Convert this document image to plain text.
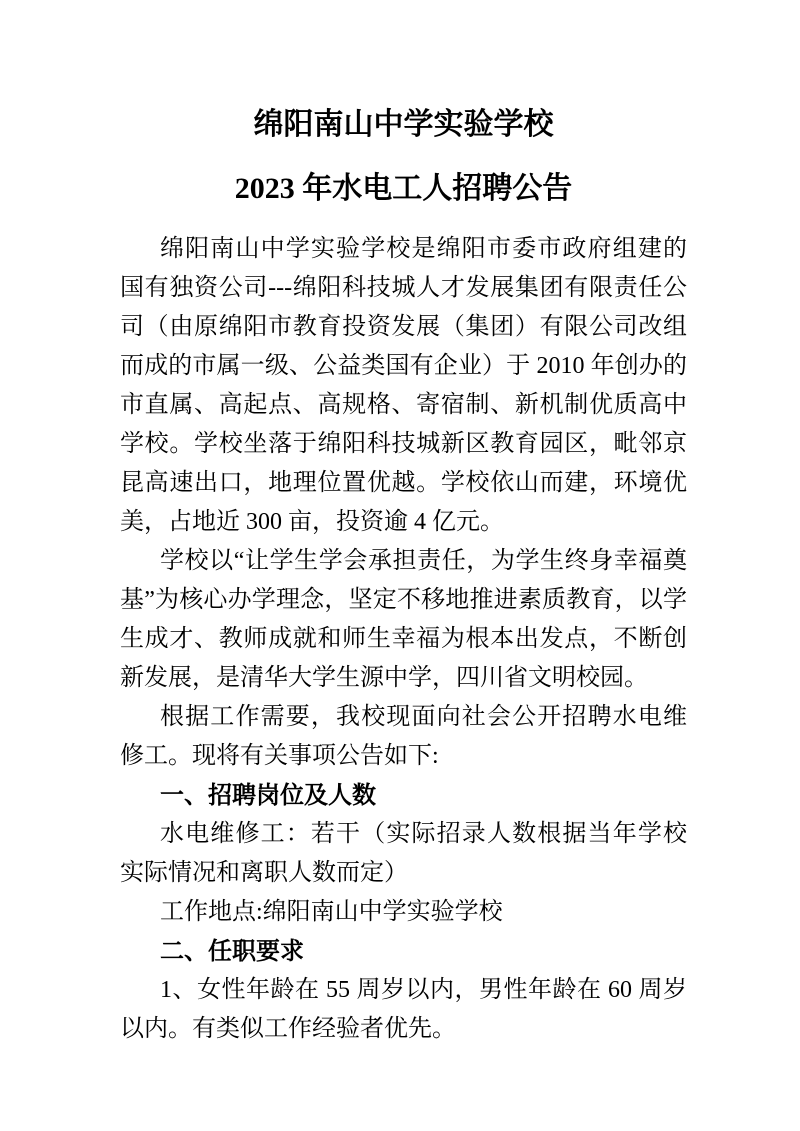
绵阳南山中学实验学校
2023 年水电工人招聘公告

绵阳南山中学实验学校是绵阳市委市政府组建的国有独资公司---绵阳科技城人才发展集团有限责任公司（由原绵阳市教育投资发展（集团）有限公司改组而成的市属一级、公益类国有企业）于 2010 年创办的市直属、高起点、高规格、寄宿制、新机制优质高中学校。学校坐落于绵阳科技城新区教育园区，毗邻京昆高速出口，地理位置优越。学校依山而建，环境优美，占地近 300 亩，投资逾 4 亿元。

学校以“让学生学会承担责任，为学生终身幸福奠基”为核心办学理念，坚定不移地推进素质教育，以学生成才、教师成就和师生幸福为根本出发点，不断创新发展，是清华大学生源中学，四川省文明校园。

根据工作需要，我校现面向社会公开招聘水电维修工。现将有关事项公告如下:

一、招聘岗位及人数

水电维修工：若干（实际招录人数根据当年学校实际情况和离职人数而定）

工作地点:绵阳南山中学实验学校

二、任职要求

1、女性年龄在 55 周岁以内，男性年龄在 60 周岁以内。有类似工作经验者优先。
